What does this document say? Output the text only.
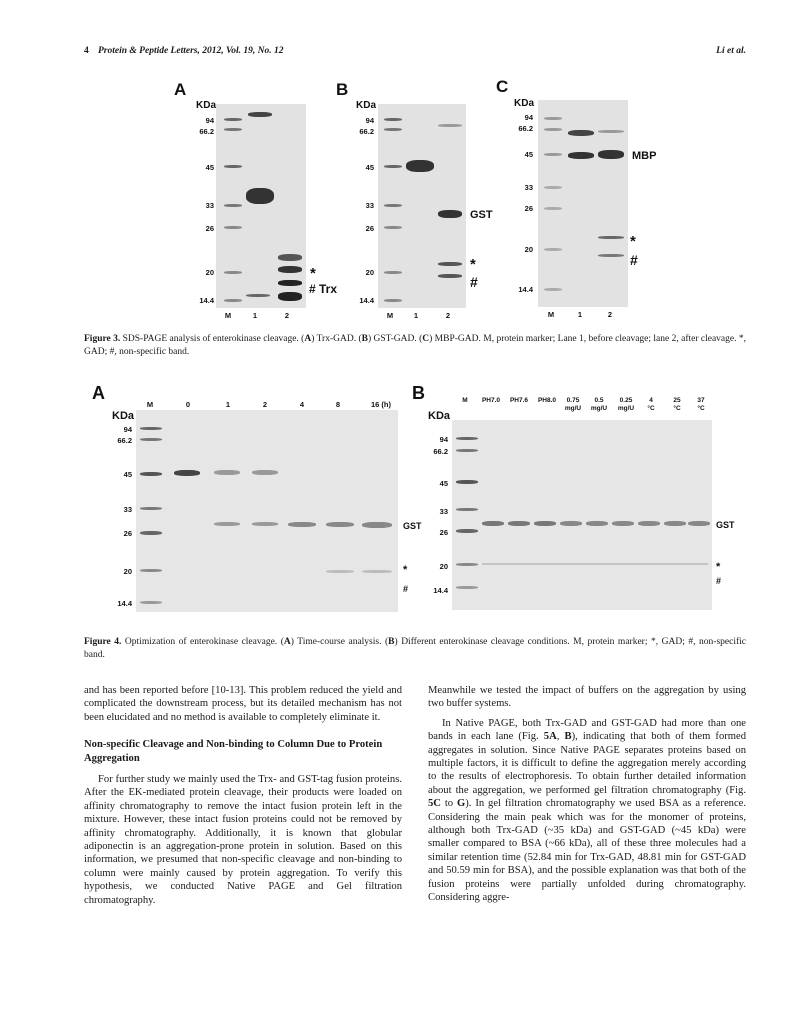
4 Protein & Peptide Letters, 2012, Vol. 19, No. 12	Li et al.
A
KDa
94
66.2
45
33
26
20
14.4
M	1	2
*
# Trx
B
KDa
94
66.2
45
33
26
20
14.4
M	1	2
GST
*
#
C
KDa
94
66.2
45
33
26
20
14.4
M	1	2
MBP
*
#
Figure 3. SDS-PAGE analysis of enterokinase cleavage. (A) Trx-GAD. (B) GST-GAD. (C) MBP-GAD. M, protein marker; Lane 1, before cleavage; lane 2, after cleavage. *, GAD; #, non-specific band.
A
KDa
94
66.2
45
33
26
20
14.4
M	0	1	2	4	8	16 (h)
GST
*
#
B
KDa
94
66.2
45
33
26
20
14.4
M	PH7.0	PH7.6	PH8.0	0.75
mg/U
0.5
mg/U
0.25
mg/U
4
°C
25
°C
37
°C
GST
*
#
Figure 4. Optimization of enterokinase cleavage. (A) Time-course analysis. (B) Different enterokinase cleavage conditions. M, protein marker; *, GAD; #, non-specific band.

and has been reported before [10-13]. This problem reduced the yield and complicated the downstream process, but its detailed mechanism has not been elucidated and no method is available to completely eliminate it.

Non-specific Cleavage and Non-binding to Column Due to Protein Aggregation

For further study we mainly used the Trx- and GST-tag fusion proteins. After the EK-mediated protein cleavage, their products were loaded on affinity chromatography to remove the intact fusion protein left in the mixture. However, these intact fusion proteins could not be removed by affinity chromatography. Additionally, it is known that globular adiponectin is an aggregation-prone protein in solution. Based on this information, we presumed that non-specific cleavage and non-binding to column were mainly caused by protein aggregation. To verify this hypothesis, we conducted Native PAGE and Gel filtration chromatography.

Meanwhile we tested the impact of buffers on the aggregation by using two buffer systems.

In Native PAGE, both Trx-GAD and GST-GAD had more than one bands in each lane (Fig. 5A, B), indicating that both of them formed aggregates in solution. Since Native PAGE separates proteins based on multiple factors, it is difficult to define the aggregation merely according to the results of electrophoresis. To obtain further detailed information about the aggregation, we performed gel filtration chromatography (Fig. 5C to G). In gel filtration chromatography we used BSA as a reference. Considering the main peak which was for the monomer of proteins, although both Trx-GAD (~35 kDa) and GST-GAD (~45 kDa) were smaller compared to BSA (~66 kDa), all of these three molecules had a similar retention time (52.84 min for Trx-GAD, 48.81 min for GST-GAD and 50.59 min for BSA), and the possible explanation was that both of the fusion proteins were partially unfolded during chromatography. Considering aggre-
